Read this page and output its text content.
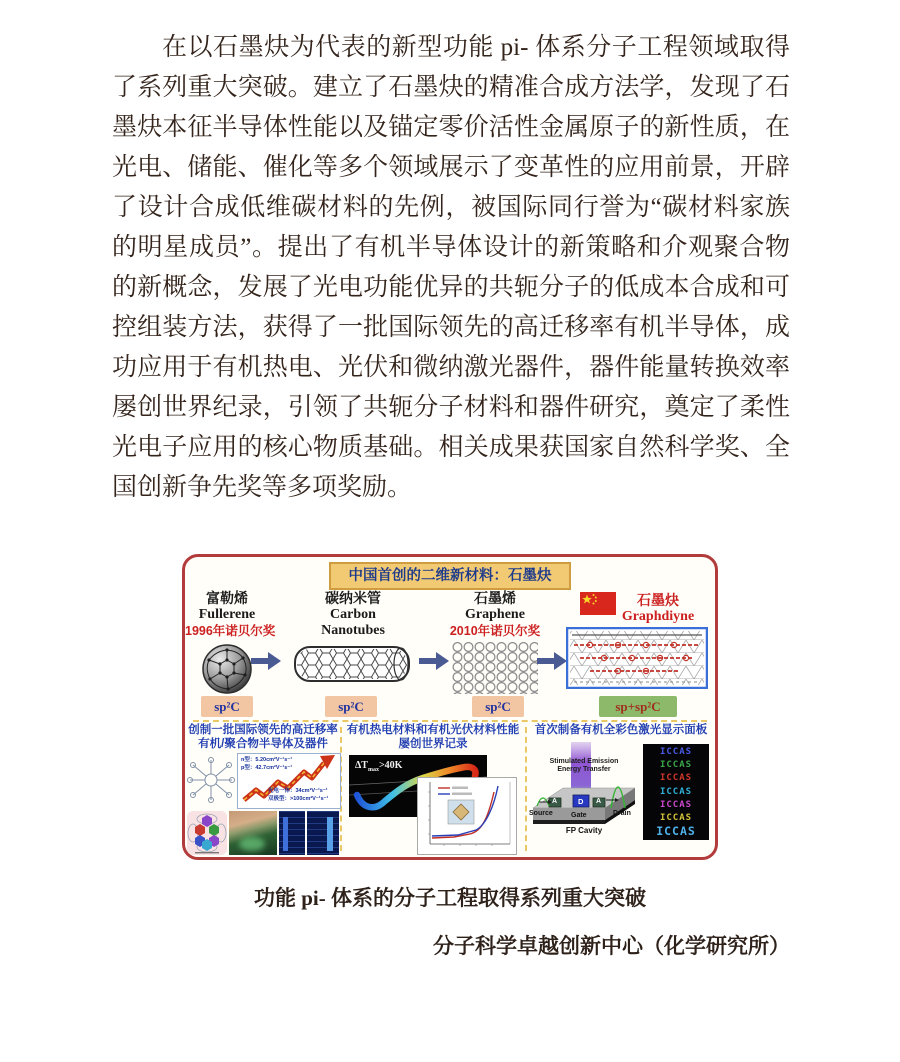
在以石墨炔为代表的新型功能 pi- 体系分子工程领域取得了系列重大突破。建立了石墨炔的精准合成方法学，发现了石墨炔本征半导体性能以及锚定零价活性金属原子的新性质，在光电、储能、催化等多个领域展示了变革性的应用前景，开辟了设计合成低维碳材料的先例，被国际同行誉为“碳材料家族的明星成员”。提出了有机半导体设计的新策略和介观聚合物的新概念，发展了光电功能优异的共轭分子的低成本合成和可控组装方法，获得了一批国际领先的高迁移率有机半导体，成功应用于有机热电、光伏和微纳激光器件，器件能量转换效率屡创世界纪录，引领了共轭分子材料和器件研究，奠定了柔性光电子应用的核心物质基础。相关成果获国家自然科学奖、全国创新争先奖等多项奖励。

中国首创的二维新材料：石墨炔
富勒烯
Fullerene
1996年诺贝尔奖
碳纳米管
Carbon
Nanotubes
石墨烯
Graphene
2010年诺贝尔奖
石墨炔
Graphdiyne
sp²C	sp²C	sp²C	sp+sp²C
创制一批国际领先的高迁移率有机/聚合物半导体及器件
n型：5.20cm²V⁻¹s⁻¹
p型：42.7cm²V⁻¹s⁻¹
光电一体：34cm²V⁻¹s⁻¹
双极型：>100cm²V⁻¹s⁻¹
有机热电材料和有机光伏材料性能屡创世界记录
$\Delta T_{max}>40K$
首次制备有机全彩色激光显示面板
Stimulated Emission Energy Transfer
A	D A
Source	Gate	Drain
FP Cavity
ICCAS
ICCAS
ICCAS
ICCAS
ICCAS
ICCAS
ICCAS
功能 pi- 体系的分子工程取得系列重大突破
分子科学卓越创新中心（化学研究所）
